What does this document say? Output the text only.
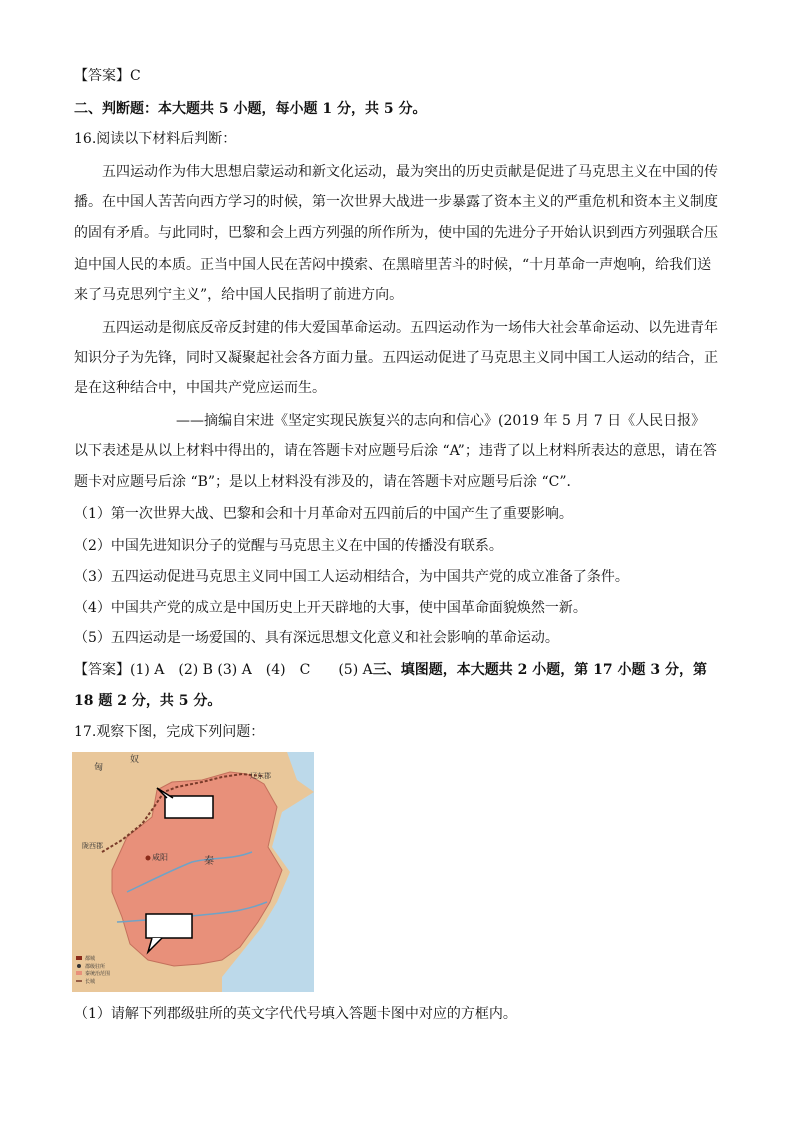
【答案】C
二、判断题：本大题共 5 小题，每小题 1 分，共 5 分。
16.阅读以下材料后判断：
五四运动作为伟大思想启蒙运动和新文化运动，最为突出的历史贡献是促进了马克思主义在中国的传
播。在中国人苦苦向西方学习的时候，第一次世界大战进一步暴露了资本主义的严重危机和资本主义制度
的固有矛盾。与此同时，巴黎和会上西方列强的所作所为，使中国的先进分子开始认识到西方列强联合压
迫中国人民的本质。正当中国人民在苦闷中摸索、在黑暗里苦斗的时候，“十月革命一声炮响，给我们送
来了马克思列宁主义”，给中国人民指明了前进方向。
五四运动是彻底反帝反封建的伟大爱国革命运动。五四运动作为一场伟大社会革命运动、以先进青年
知识分子为先锋，同时又凝聚起社会各方面力量。五四运动促进了马克思主义同中国工人运动的结合，正
是在这种结合中，中国共产党应运而生。
——摘编自宋进《坚定实现民族复兴的志向和信心》(2019 年 5 月 7 日《人民日报》
以下表述是从以上材料中得出的，请在答题卡对应题号后涂 “A”；违背了以上材料所表达的意思，请在答
题卡对应题号后涂 “B”；是以上材料没有涉及的，请在答题卡对应题号后涂 “C”．
（1）第一次世界大战、巴黎和会和十月革命对五四前后的中国产生了重要影响。
（2）中国先进知识分子的觉醒与马克思主义在中国的传播没有联系。
（3）五四运动促进马克思主义同中国工人运动相结合，为中国共产党的成立准备了条件。
（4）中国共产党的成立是中国历史上开天辟地的大事，使中国革命面貌焕然一新。
（5）五四运动是一场爱国的、具有深远思想文化意义和社会影响的革命运动。
【答案】(1) A　(2) B (3) A　(4)　C　　(5) A三、填图题，本大题共 2 小题，第 17 小题 3 分，第
18 题 2 分，共 5 分。
17.观察下图，完成下列问题：
匈
奴
辽东郡
陇西郡
咸阳	秦
都城
郡级驻所
秦统治范围
长城
（1）请解下列郡级驻所的英文字代代号填入答题卡图中对应的方框内。
